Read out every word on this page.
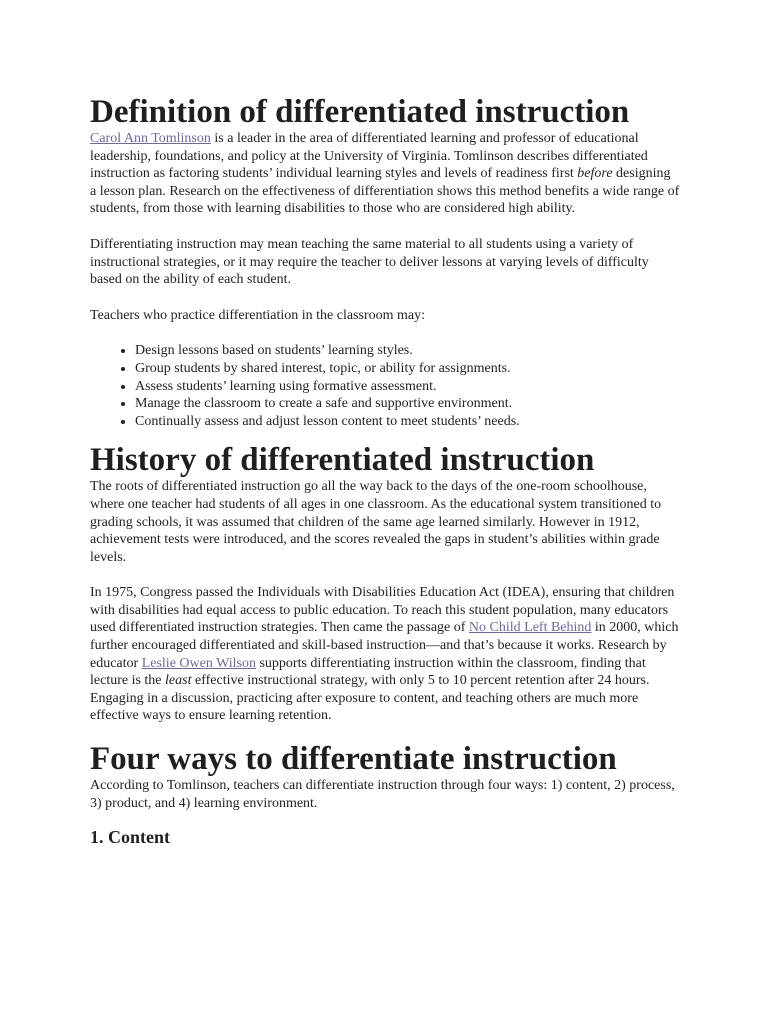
Definition of differentiated instruction

Carol Ann Tomlinson is a leader in the area of differentiated learning and professor of educational leadership, foundations, and policy at the University of Virginia. Tomlinson describes differentiated instruction as factoring students’ individual learning styles and levels of readiness first before designing a lesson plan. Research on the effectiveness of differentiation shows this method benefits a wide range of students, from those with learning disabilities to those who are considered high ability.

Differentiating instruction may mean teaching the same material to all students using a variety of instructional strategies, or it may require the teacher to deliver lessons at varying levels of difficulty based on the ability of each student.

Teachers who practice differentiation in the classroom may:

• Design lessons based on students’ learning styles.
• Group students by shared interest, topic, or ability for assignments.
• Assess students’ learning using formative assessment.
• Manage the classroom to create a safe and supportive environment.
• Continually assess and adjust lesson content to meet students’ needs.
History of differentiated instruction

The roots of differentiated instruction go all the way back to the days of the one-room schoolhouse, where one teacher had students of all ages in one classroom. As the educational system transitioned to grading schools, it was assumed that children of the same age learned similarly. However in 1912, achievement tests were introduced, and the scores revealed the gaps in student’s abilities within grade levels.

In 1975, Congress passed the Individuals with Disabilities Education Act (IDEA), ensuring that children with disabilities had equal access to public education. To reach this student population, many educators used differentiated instruction strategies. Then came the passage of No Child Left Behind in 2000, which further encouraged differentiated and skill-based instruction—and that’s because it works. Research by educator Leslie Owen Wilson supports differentiating instruction within the classroom, finding that lecture is the least effective instructional strategy, with only 5 to 10 percent retention after 24 hours. Engaging in a discussion, practicing after exposure to content, and teaching others are much more effective ways to ensure learning retention.

Four ways to differentiate instruction

According to Tomlinson, teachers can differentiate instruction through four ways: 1) content, 2) process, 3) product, and 4) learning environment.

1. Content
